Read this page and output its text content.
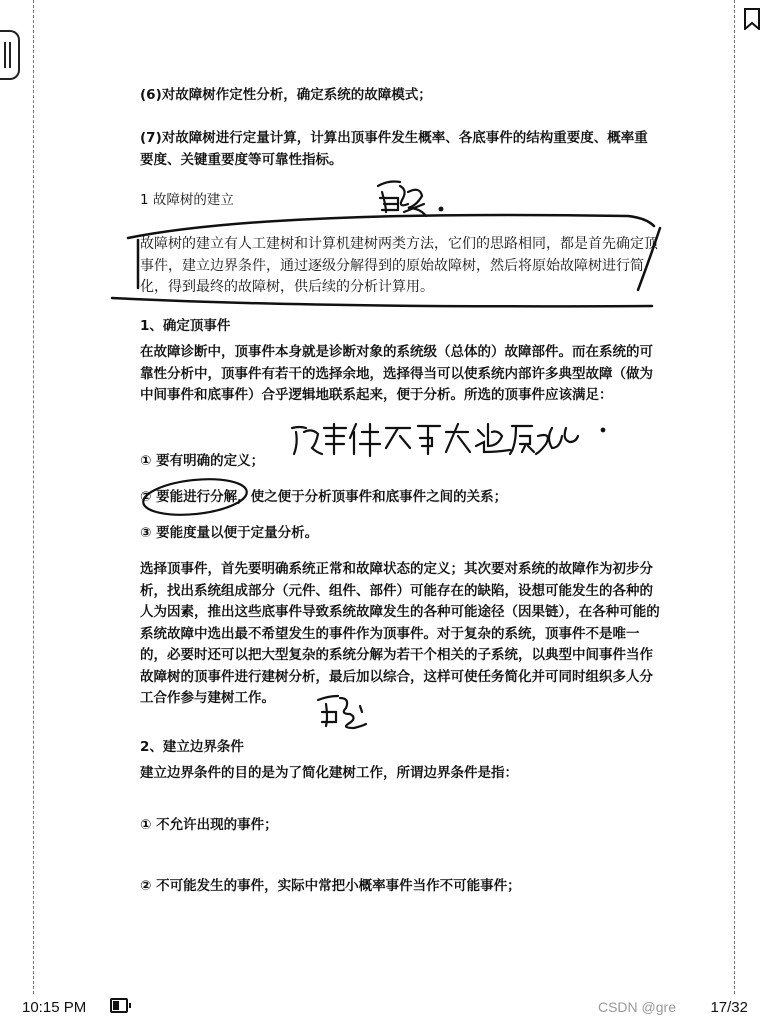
(6)对故障树作定性分析，确定系统的故障模式；
(7)对故障树进行定量计算，计算出顶事件发生概率、各底事件的结构重要度、概率重要度、关键重要度等可靠性指标。
1 故障树的建立
故障树的建立有人工建树和计算机建树两类方法，它们的思路相同，都是首先确定顶事件，建立边界条件，通过逐级分解得到的原始故障树，然后将原始故障树进行简化，得到最终的故障树，供后续的分析计算用。
1、确定顶事件
在故障诊断中，顶事件本身就是诊断对象的系统级（总体的）故障部件。而在系统的可靠性分析中，顶事件有若干的选择余地，选择得当可以使系统内部许多典型故障（做为中间事件和底事件）合乎逻辑地联系起来，便于分析。所选的顶事件应该满足：
① 要有明确的定义；
② 要能进行分解，使之便于分析顶事件和底事件之间的关系；
③ 要能度量以便于定量分析。
选择顶事件，首先要明确系统正常和故障状态的定义；其次要对系统的故障作为初步分析，找出系统组成部分（元件、组件、部件）可能存在的缺陷，设想可能发生的各种的人为因素，推出这些底事件导致系统故障发生的各种可能途径（因果链），在各种可能的系统故障中选出最不希望发生的事件作为顶事件。对于复杂的系统，顶事件不是唯一的，必要时还可以把大型复杂的系统分解为若干个相关的子系统，以典型中间事件当作故障树的顶事件进行建树分析，最后加以综合，这样可使任务简化并可同时组织多人分工合作参与建树工作。
2、建立边界条件
建立边界条件的目的是为了简化建树工作，所谓边界条件是指：
① 不允许出现的事件；
② 不可能发生的事件，实际中常把小概率事件当作不可能事件；
10:15 PM	CSDN @gre 17/32
